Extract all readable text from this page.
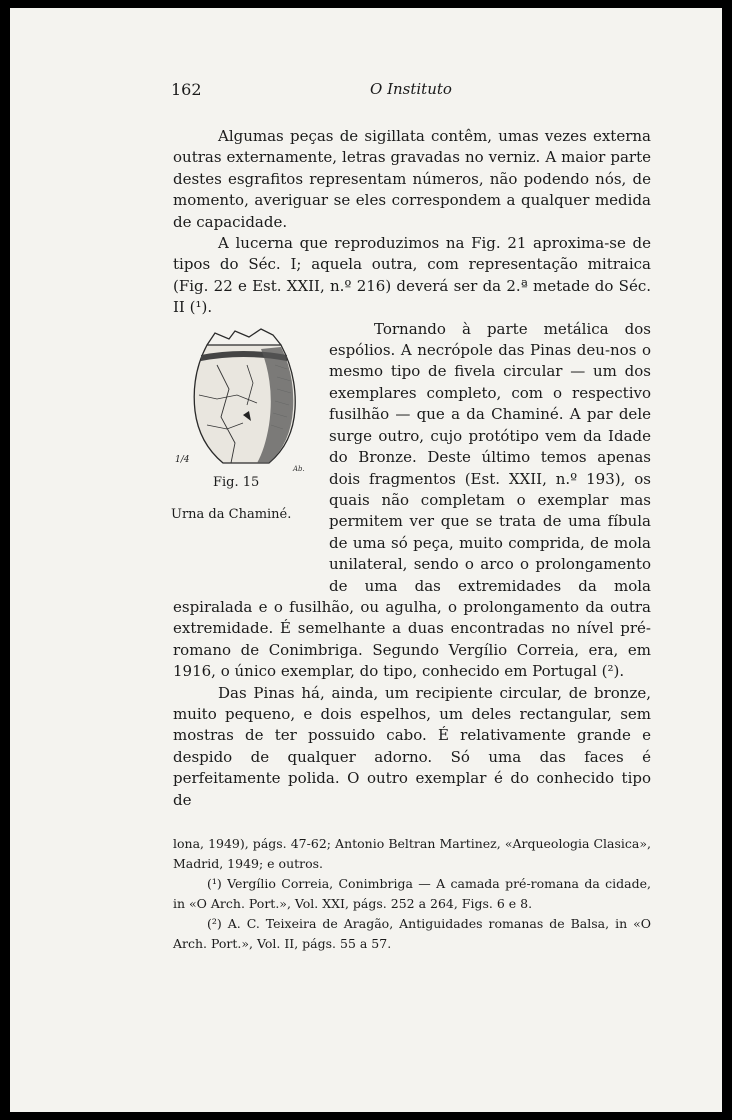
162	O Instituto

Algumas peças de sigillata contêm, umas vezes externa outras externamente, letras gravadas no verniz. A maior parte destes esgrafitos representam números, não podendo nós, de momento, averiguar se eles correspondem a qualquer medida de capacidade.

A lucerna que reproduzimos na Fig. 21 aproxima-se de tipos do Séc. I; aquela outra, com representação mitraica (Fig. 22 e Est. XXII, n.º 216) deverá ser da 2.ª metade do Séc. II (¹).

Ab.
1/4
Fig. 15
Urna da Chaminé.

Tornando à parte metálica dos espólios. A necrópole das Pinas deu-nos o mesmo tipo de fivela circular — um dos exemplares completo, com o respectivo fusilhão — que a da Chaminé. A par dele surge outro, cujo protótipo vem da Idade do Bronze. Deste último temos apenas dois fragmentos (Est. XXII, n.º 193), os quais não completam o exemplar mas permitem ver que se trata de uma fíbula de uma só peça, muito comprida, de mola unilateral, sendo o arco o prolongamento de uma das extremidades da mola espiralada e o fusilhão, ou agulha, o prolongamento da outra extremidade. É semelhante a duas encontradas no nível pré-romano de Conimbriga. Segundo Vergílio Correia, era, em 1916, o único exemplar, do tipo, conhecido em Portugal (²).

Das Pinas há, ainda, um recipiente circular, de bronze, muito pequeno, e dois espelhos, um deles rectangular, sem mostras de ter possuido cabo. É relativamente grande e despido de qualquer adorno. Só uma das faces é perfeitamente polida. O outro exemplar é do conhecido tipo de

lona, 1949), págs. 47-62; Antonio Beltran Martinez, «Arqueologia Clasica», Madrid, 1949; e outros.

(¹) Vergílio Correia, Conimbriga — A camada pré-romana da cidade, in «O Arch. Port.», Vol. XXI, págs. 252 a 264, Figs. 6 e 8.

(²) A. C. Teixeira de Aragão, Antiguidades romanas de Balsa, in «O Arch. Port.», Vol. II, págs. 55 a 57.
